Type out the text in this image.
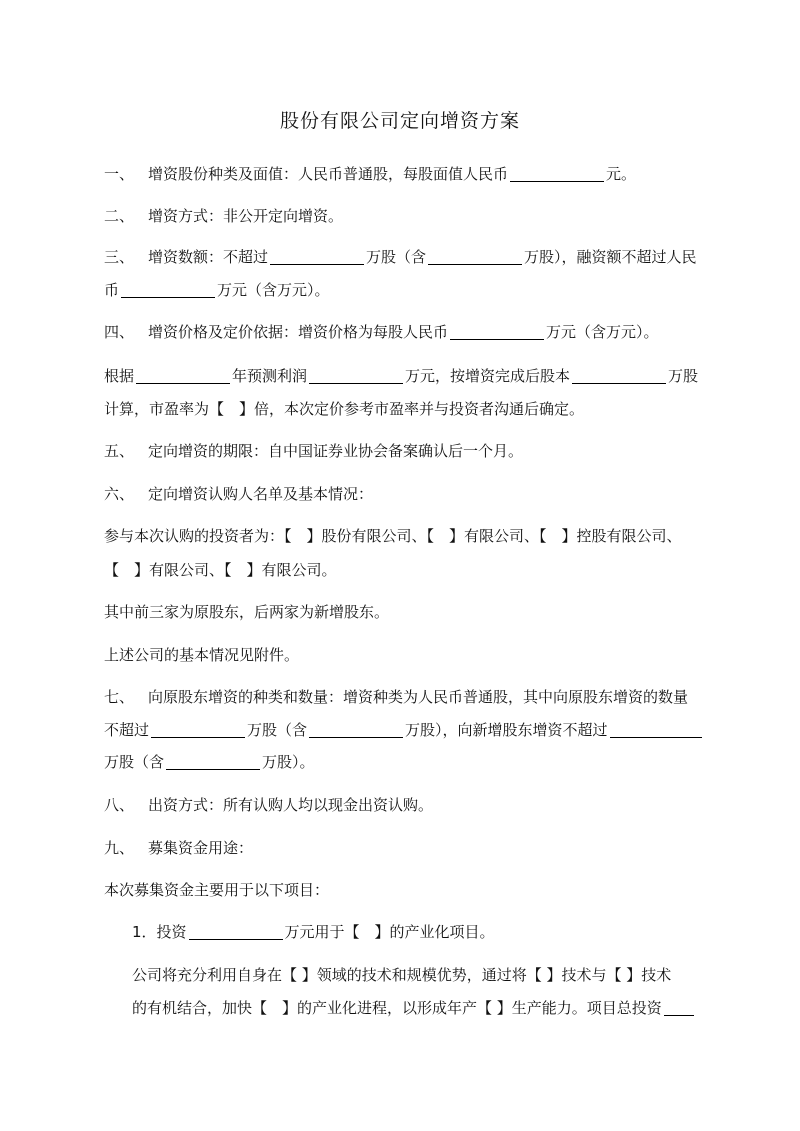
股份有限公司定向增资方案
一、 增资股份种类及面值：人民币普通股，每股面值人民币	元。
二、 增资方式：非公开定向增资。
三、 增资数额：不超过	万股（含	万股），融资额不超过人民
币	万元（含万元）。
四、 增资价格及定价依据：增资价格为每股人民币	万元（含万元）。
根据	年预测利润	万元，按增资完成后股本	万股
计算，市盈率为【　】倍，本次定价参考市盈率并与投资者沟通后确定。
五、 定向增资的期限：自中国证券业协会备案确认后一个月。
六、 定向增资认购人名单及基本情况：
参与本次认购的投资者为：【　】股份有限公司、【　】有限公司、【　】控股有限公司、
【　】有限公司、【　】有限公司。
其中前三家为原股东，后两家为新增股东。
上述公司的基本情况见附件。
七、 向原股东增资的种类和数量：增资种类为人民币普通股，其中向原股东增资的数量
不超过	万股（含	万股），向新增股东增资不超过
万股（含	万股）。
八、 出资方式：所有认购人均以现金出资认购。
九、 募集资金用途：
本次募集资金主要用于以下项目：
1．投资	万元用于【　】的产业化项目。
公司将充分利用自身在【 】领域的技术和规模优势，通过将【 】技术与【 】技术
的有机结合，加快【　】的产业化进程，以形成年产【 】生产能力。项目总投资
